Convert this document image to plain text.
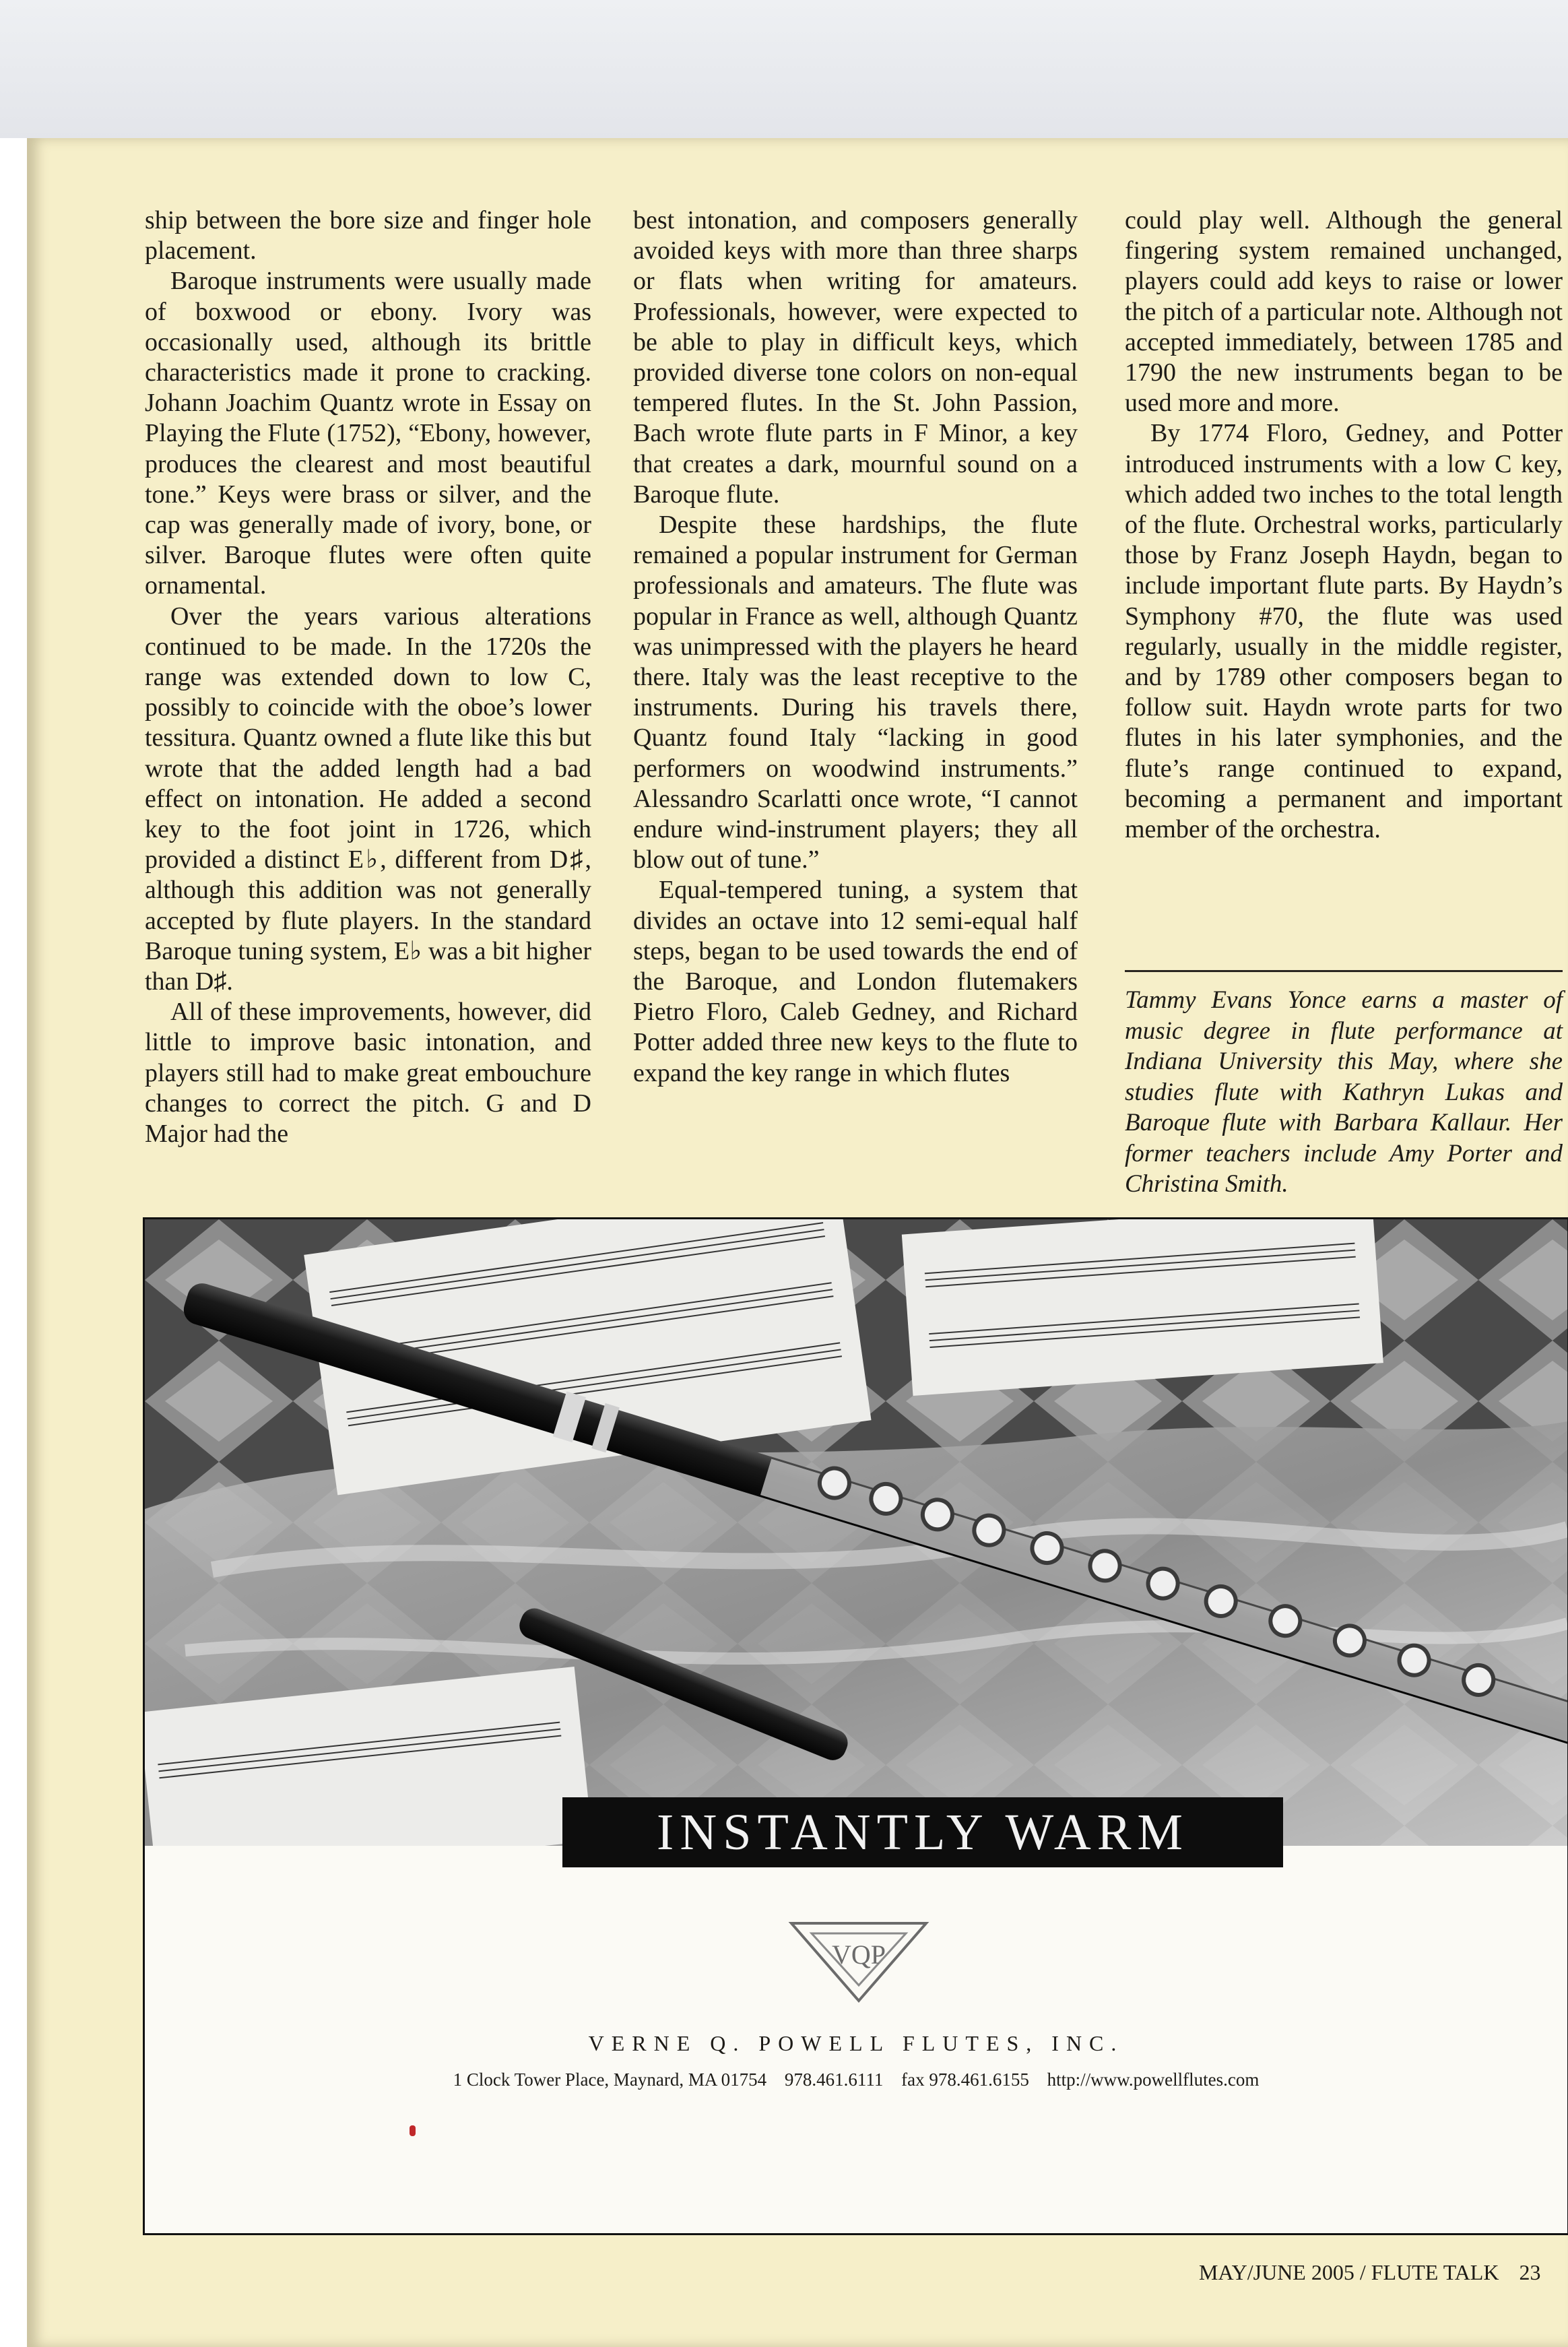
ship between the bore size and finger hole placement.

Baroque instruments were usually made of boxwood or ebony. Ivory was occasionally used, although its brittle characteristics made it prone to cracking. Johann Joachim Quantz wrote in Essay on Playing the Flute (1752), “Ebony, however, produces the clearest and most beautiful tone.” Keys were brass or silver, and the cap was generally made of ivory, bone, or silver. Baroque flutes were often quite ornamental.

Over the years various alterations continued to be made. In the 1720s the range was extended down to low C, possibly to coincide with the oboe’s lower tessitura. Quantz owned a flute like this but wrote that the added length had a bad effect on intonation. He added a second key to the foot joint in 1726, which provided a distinct E♭, different from D♯, although this addition was not generally accepted by flute players. In the standard Baroque tuning system, E♭ was a bit higher than D♯.

All of these improvements, however, did little to improve basic intonation, and players still had to make great embouchure changes to correct the pitch. G and D Major had the

best intonation, and composers generally avoided keys with more than three sharps or flats when writing for amateurs. Professionals, however, were expected to be able to play in difficult keys, which provided diverse tone colors on non-equal tempered flutes. In the St. John Passion, Bach wrote flute parts in F Minor, a key that creates a dark, mournful sound on a Baroque flute.

Despite these hardships, the flute remained a popular instrument for German professionals and amateurs. The flute was popular in France as well, although Quantz was unimpressed with the players he heard there. Italy was the least receptive to the instruments. During his travels there, Quantz found Italy “lacking in good performers on woodwind instruments.” Alessandro Scarlatti once wrote, “I cannot endure wind-instrument players; they all blow out of tune.”

Equal-tempered tuning, a system that divides an octave into 12 semi-equal half steps, began to be used towards the end of the Baroque, and London flutemakers Pietro Floro, Caleb Gedney, and Richard Potter added three new keys to the flute to expand the key range in which flutes

could play well. Although the general fingering system remained unchanged, players could add keys to raise or lower the pitch of a particular note. Although not accepted immediately, between 1785 and 1790 the new instruments began to be used more and more.

By 1774 Floro, Gedney, and Potter introduced instruments with a low C key, which added two inches to the total length of the flute. Orchestral works, particularly those by Franz Joseph Haydn, began to include important flute parts. By Haydn’s Symphony #70, the flute was used regularly, usually in the middle register, and by 1789 other composers began to follow suit. Haydn wrote parts for two flutes in his later symphonies, and the flute’s range continued to expand, becoming a permanent and important member of the orchestra.

Tammy Evans Yonce earns a master of music degree in flute performance at Indiana University this May, where she studies flute with Kathryn Lukas and Baroque flute with Barbara Kallaur. Her former teachers include Amy Porter and Christina Smith.
INSTANTLY WARM
VQP
VERNE Q. POWELL FLUTES, INC.
1 Clock Tower Place, Maynard, MA 01754 978.461.6111 fax 978.461.6155 http://www.powellflutes.com
MAY/JUNE 2005 / FLUTE TALK 23
